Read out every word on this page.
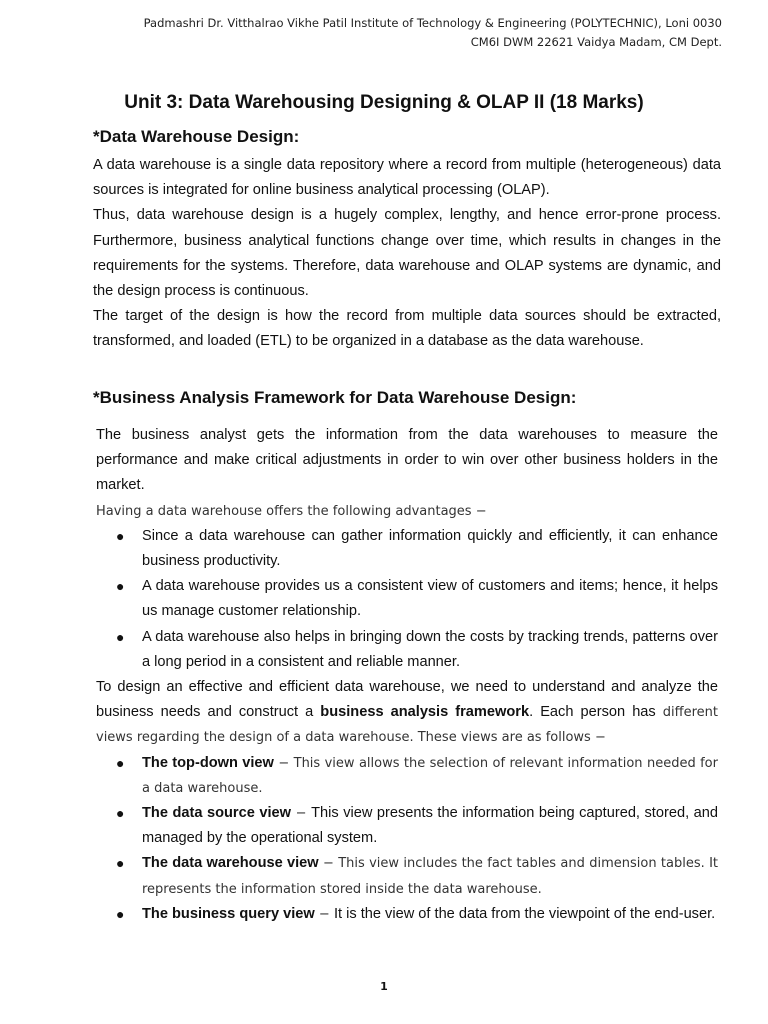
Padmashri Dr. Vitthalrao Vikhe Patil Institute of Technology & Engineering (POLYTECHNIC), Loni 0030
CM6I DWM 22621 Vaidya Madam, CM Dept.
Unit 3: Data Warehousing Designing & OLAP II (18 Marks)
*Data Warehouse Design:

A data warehouse is a single data repository where a record from multiple (heterogeneous) data sources is integrated for online business analytical processing (OLAP).

Thus, data warehouse design is a hugely complex, lengthy, and hence error-prone process. Furthermore, business analytical functions change over time, which results in changes in the requirements for the systems. Therefore, data warehouse and OLAP systems are dynamic, and the design process is continuous.

The target of the design is how the record from multiple data sources should be extracted, transformed, and loaded (ETL) to be organized in a database as the data warehouse.

*Business Analysis Framework for Data Warehouse Design:

The business analyst gets the information from the data warehouses to measure the performance and make critical adjustments in order to win over other business holders in the market.

Having a data warehouse offers the following advantages −

● Since a data warehouse can gather information quickly and efficiently, it can enhance business productivity.
● A data warehouse provides us a consistent view of customers and items; hence, it helps us manage customer relationship.
● A data warehouse also helps in bringing down the costs by tracking trends, patterns over a long period in a consistent and reliable manner.

To design an effective and efficient data warehouse, we need to understand and analyze the business needs and construct a business analysis framework. Each person has different views regarding the design of a data warehouse. These views are as follows −

● The top-down view − This view allows the selection of relevant information needed for a data warehouse.
● The data source view − This view presents the information being captured, stored, and managed by the operational system.
● The data warehouse view − This view includes the fact tables and dimension tables. It represents the information stored inside the data warehouse.
● The business query view − It is the view of the data from the viewpoint of the end-user.
1
